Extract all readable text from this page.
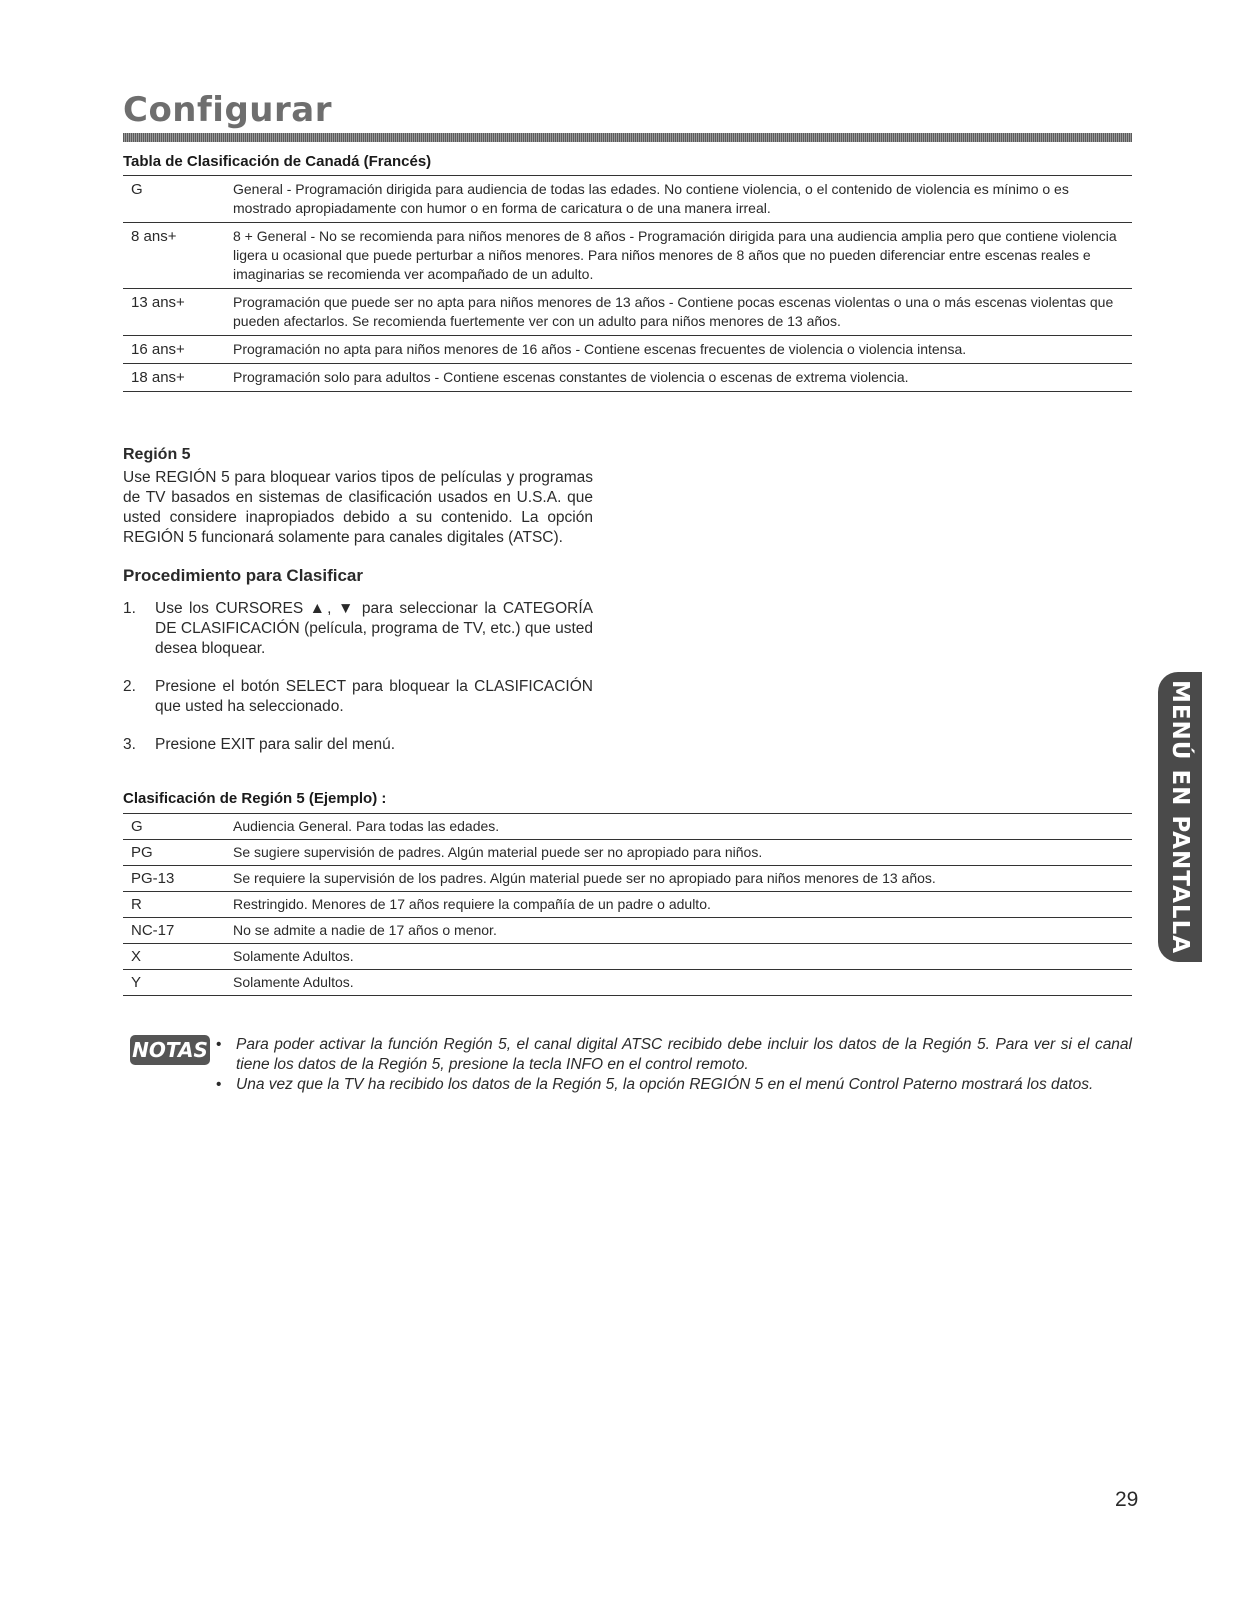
Configurar
Tabla de Clasificación de Canadá (Francés)
G	General - Programación dirigida para audiencia de todas las edades. No contiene violencia, o el contenido de violencia es mínimo o es mostrado apropiadamente con humor o en forma de caricatura o de una manera irreal.
8 ans+	8 + General - No se recomienda para niños menores de 8 años - Programación dirigida para una audiencia amplia pero que contiene violencia ligera u ocasional que puede perturbar a niños menores. Para niños menores de 8 años que no pueden diferenciar entre escenas reales e imaginarias se recomienda ver acompañado de un adulto.
13 ans+	Programación que puede ser no apta para niños menores de 13 años - Contiene pocas escenas violentas o una o más escenas violentas que pueden afectarlos. Se recomienda fuertemente ver con un adulto para niños menores de 13 años.
16 ans+	Programación no apta para niños menores de 16 años - Contiene escenas frecuentes de violencia o violencia intensa.
18 ans+	Programación solo para adultos - Contiene escenas constantes de violencia o escenas de extrema violencia.
Región 5

Use REGIÓN 5 para bloquear varios tipos de películas y programas de TV basados en sistemas de clasificación usados en U.S.A. que usted considere inapropiados debido a su contenido. La opción REGIÓN 5 funcionará solamente para canales digitales (ATSC).

Procedimiento para Clasificar
1. Use los CURSORES ▲, ▼ para seleccionar la CATEGORÍA DE CLASIFICACIÓN (película, programa de TV, etc.) que usted desea bloquear.
2. Presione el botón SELECT para bloquear la CLASIFICACIÓN que usted ha seleccionado.
3. Presione EXIT para salir del menú.
Clasificación de Región 5 (Ejemplo) :
G	Audiencia General. Para todas las edades.
PG	Se sugiere supervisión de padres. Algún material puede ser no apropiado para niños.
PG-13	Se requiere la supervisión de los padres. Algún material puede ser no apropiado para niños menores de 13 años.
R	Restringido. Menores de 17 años requiere la compañía de un padre o adulto.
NC-17	No se admite a nadie de 17 años o menor.
X	Solamente Adultos.
Y	Solamente Adultos.
NOTAS	• Para poder activar la función Región 5, el canal digital ATSC recibido debe incluir los datos de la Región 5. Para ver si el canal tiene los datos de la Región 5, presione la tecla INFO en el control remoto.
• Una vez que la TV ha recibido los datos de la Región 5, la opción REGIÓN 5 en el menú Control Paterno mostrará los datos.
MENÚ EN PANTALLA

29
